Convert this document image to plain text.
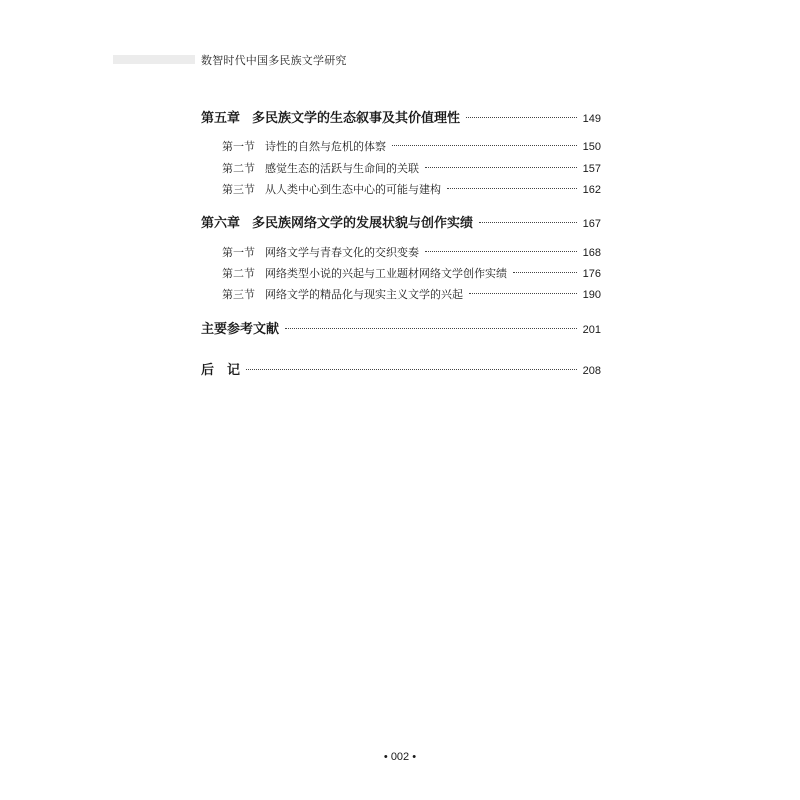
数智时代中国多民族文学研究
第五章 多民族文学的生态叙事及其价值理性	149
第一节 诗性的自然与危机的体察	150
第二节 感觉生态的活跃与生命间的关联	157
第三节 从人类中心到生态中心的可能与建构	162
第六章 多民族网络文学的发展状貌与创作实绩	167
第一节 网络文学与青春文化的交织变奏	168
第二节 网络类型小说的兴起与工业题材网络文学创作实绩	176
第三节 网络文学的精品化与现实主义文学的兴起	190
主要参考文献	201
后　记	208
• 002 •
